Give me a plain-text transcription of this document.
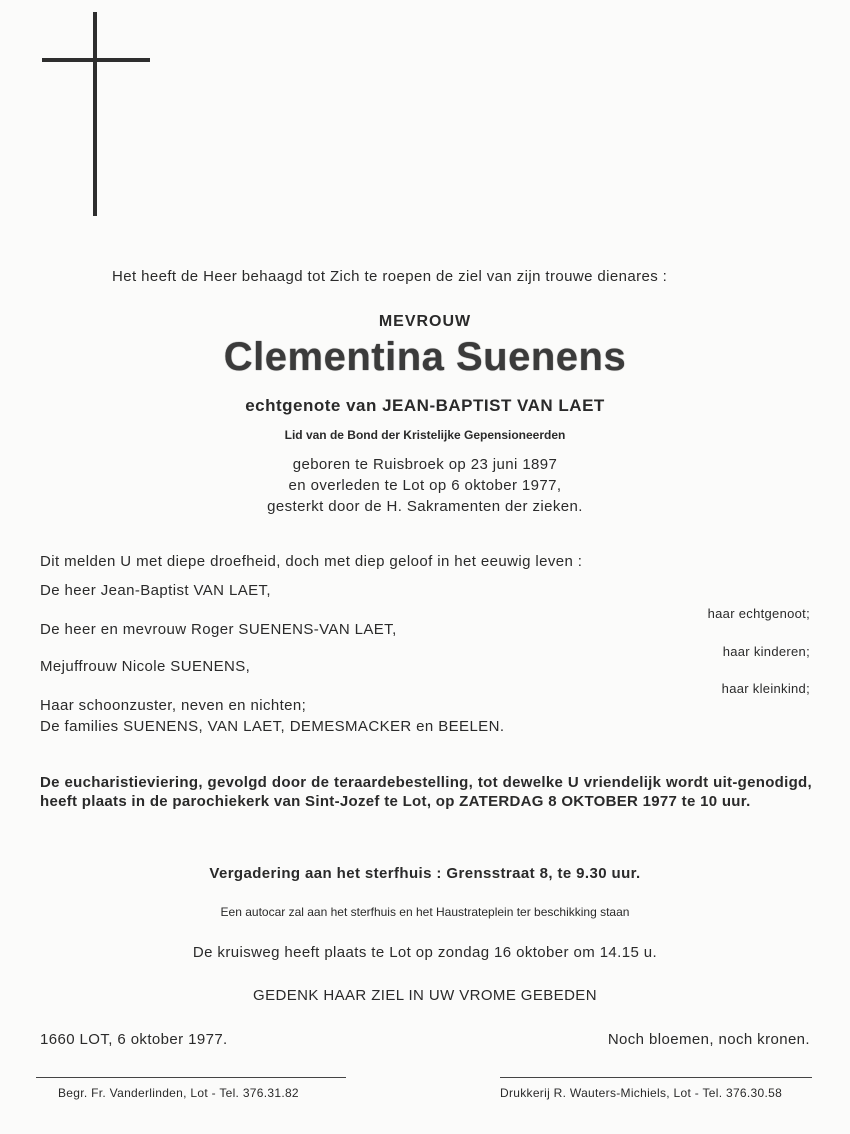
Het heeft de Heer behaagd tot Zich te roepen de ziel van zijn trouwe dienares :
MEVROUW
Clementina Suenens
echtgenote van JEAN-BAPTIST VAN LAET
Lid van de Bond der Kristelijke Gepensioneerden
geboren te Ruisbroek op 23 juni 1897
en overleden te Lot op 6 oktober 1977,
gesterkt door de H. Sakramenten der zieken.
Dit melden U met diepe droefheid, doch met diep geloof in het eeuwig leven :
De heer Jean-Baptist VAN LAET,
haar echtgenoot;
De heer en mevrouw Roger SUENENS-VAN LAET,
haar kinderen;
Mejuffrouw Nicole SUENENS,
haar kleinkind;
Haar schoonzuster, neven en nichten;
De families SUENENS, VAN LAET, DEMESMACKER en BEELEN.
De eucharistieviering, gevolgd door de teraardebestelling, tot dewelke U vriendelijk wordt uit-genodigd, heeft plaats in de parochiekerk van Sint-Jozef te Lot, op ZATERDAG 8 OKTOBER 1977 te 10 uur.
Vergadering aan het sterfhuis : Grensstraat 8, te 9.30 uur.
Een autocar zal aan het sterfhuis en het Haustrateplein ter beschikking staan
De kruisweg heeft plaats te Lot op zondag 16 oktober om 14.15 u.
GEDENK HAAR ZIEL IN UW VROME GEBEDEN
1660 LOT, 6 oktober 1977.	Noch bloemen, noch kronen.
Begr. Fr. Vanderlinden, Lot - Tel. 376.31.82	Drukkerij R. Wauters-Michiels, Lot - Tel. 376.30.58
